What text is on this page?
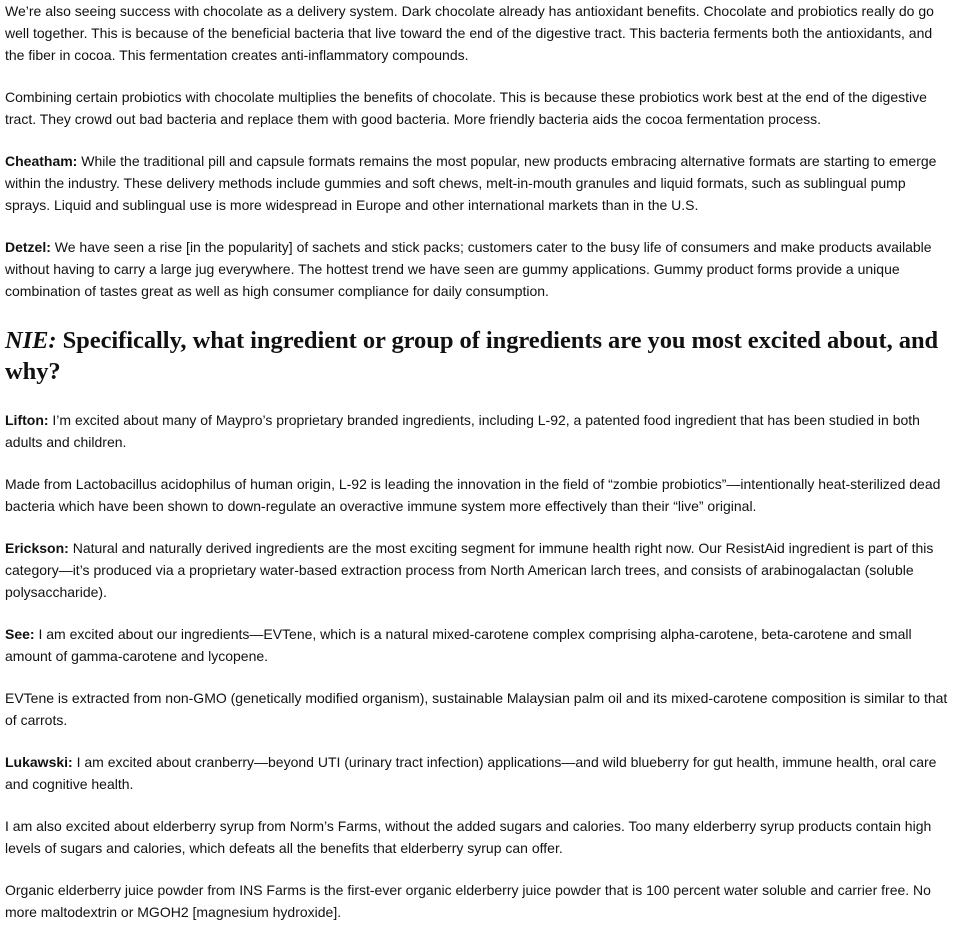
We’re also seeing success with chocolate as a delivery system. Dark chocolate already has antioxidant benefits. Chocolate and probiotics really do go well together. This is because of the beneficial bacteria that live toward the end of the digestive tract. This bacteria ferments both the antioxidants, and the fiber in cocoa. This fermentation creates anti-inflammatory compounds.

Combining certain probiotics with chocolate multiplies the benefits of chocolate. This is because these probiotics work best at the end of the digestive tract. They crowd out bad bacteria and replace them with good bacteria. More friendly bacteria aids the cocoa fermentation process.

Cheatham: While the traditional pill and capsule formats remains the most popular, new products embracing alternative formats are starting to emerge within the industry. These delivery methods include gummies and soft chews, melt-in-mouth granules and liquid formats, such as sublingual pump sprays. Liquid and sublingual use is more widespread in Europe and other international markets than in the U.S.

Detzel: We have seen a rise [in the popularity] of sachets and stick packs; customers cater to the busy life of consumers and make products available without having to carry a large jug everywhere. The hottest trend we have seen are gummy applications. Gummy product forms provide a unique combination of tastes great as well as high consumer compliance for daily consumption.

NIE: Specifically, what ingredient or group of ingredients are you most excited about, and why?

Lifton: I’m excited about many of Maypro’s proprietary branded ingredients, including L-92, a patented food ingredient that has been studied in both adults and children.

Made from Lactobacillus acidophilus of human origin, L-92 is leading the innovation in the field of “zombie probiotics”—intentionally heat-sterilized dead bacteria which have been shown to down-regulate an overactive immune system more effectively than their “live” original.

Erickson: Natural and naturally derived ingredients are the most exciting segment for immune health right now. Our ResistAid ingredient is part of this category—it’s produced via a proprietary water-based extraction process from North American larch trees, and consists of arabinogalactan (soluble polysaccharide).

See: I am excited about our ingredients—EVTene, which is a natural mixed-carotene complex comprising alpha-carotene, beta-carotene and small amount of gamma-carotene and lycopene.

EVTene is extracted from non-GMO (genetically modified organism), sustainable Malaysian palm oil and its mixed-carotene composition is similar to that of carrots.

Lukawski: I am excited about cranberry—beyond UTI (urinary tract infection) applications—and wild blueberry for gut health, immune health, oral care and cognitive health.

I am also excited about elderberry syrup from Norm’s Farms, without the added sugars and calories. Too many elderberry syrup products contain high levels of sugars and calories, which defeats all the benefits that elderberry syrup can offer.

Organic elderberry juice powder from INS Farms is the first-ever organic elderberry juice powder that is 100 percent water soluble and carrier free. No more maltodextrin or MGOH2 [magnesium hydroxide].
